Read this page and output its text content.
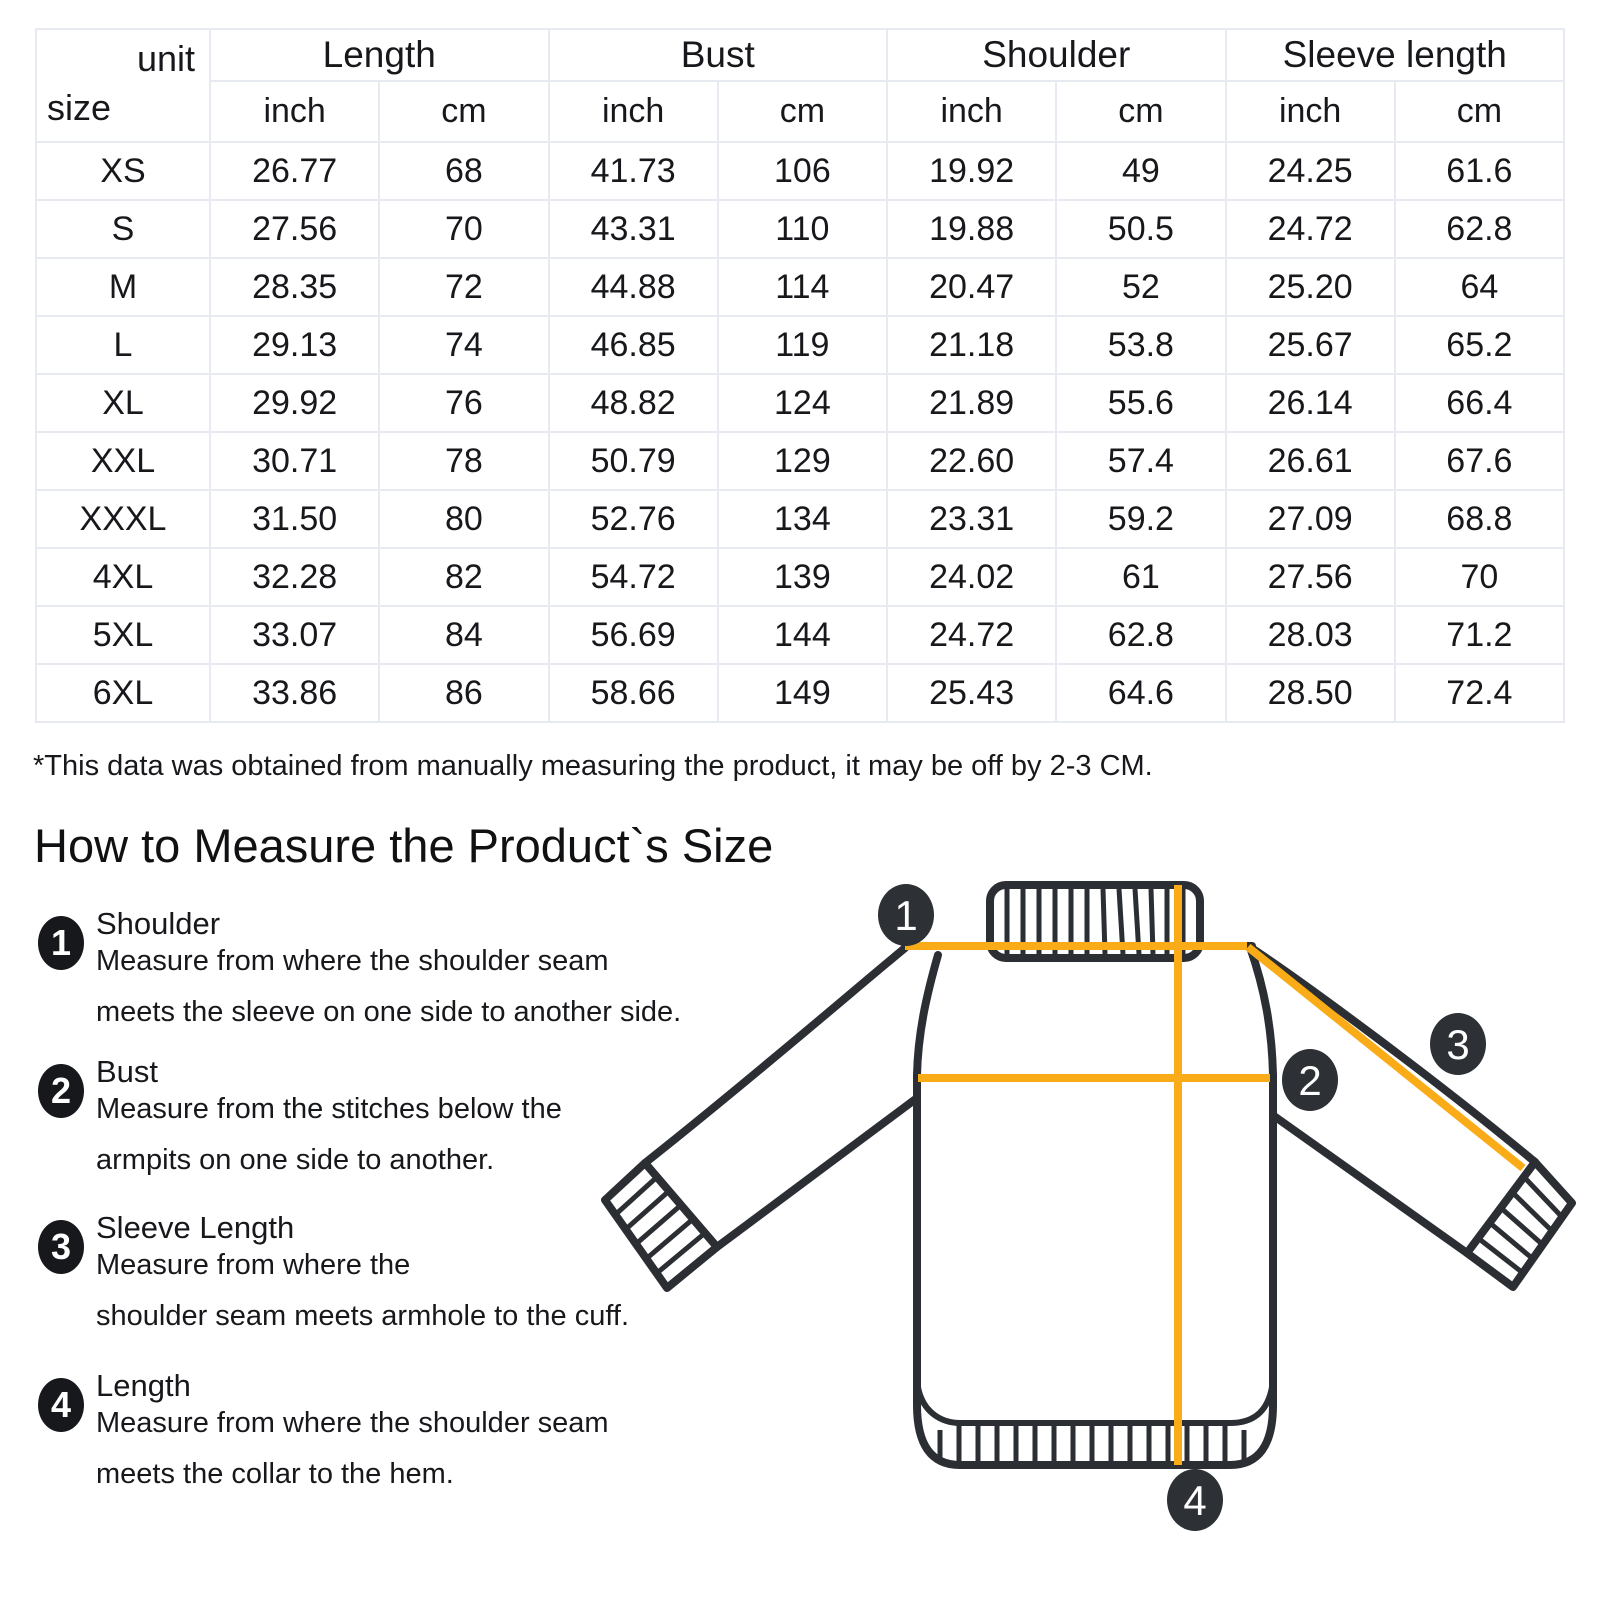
unit
size	Length		Bust		Shoulder		Sleeve length	
	inch	cm	inch	cm	inch	cm	inch	cm
XS	26.77	68	41.73	106	19.92	49	24.25	61.6
S	27.56	70	43.31	110	19.88	50.5	24.72	62.8
M	28.35	72	44.88	114	20.47	52	25.20	64
L	29.13	74	46.85	119	21.18	53.8	25.67	65.2
XL	29.92	76	48.82	124	21.89	55.6	26.14	66.4
XXL	30.71	78	50.79	129	22.60	57.4	26.61	67.6
XXXL	31.50	80	52.76	134	23.31	59.2	27.09	68.8
4XL	32.28	82	54.72	139	24.02	61	27.56	70
5XL	33.07	84	56.69	144	24.72	62.8	28.03	71.2
6XL	33.86	86	58.66	149	25.43	64.6	28.50	72.4
*This data was obtained from manually measuring the product, it may be off by 2-3 CM.
How to Measure the Product`s Size
1 Shoulder
Measure from where the shoulder seam
meets the sleeve on one side to another side.
2 Bust
Measure from the stitches below the
armpits on one side to another.
3 Sleeve Length
Measure from where the
shoulder seam meets armhole to the cuff.
4 Length
Measure from where the shoulder seam
meets the collar to the hem.
1
2
3
4
